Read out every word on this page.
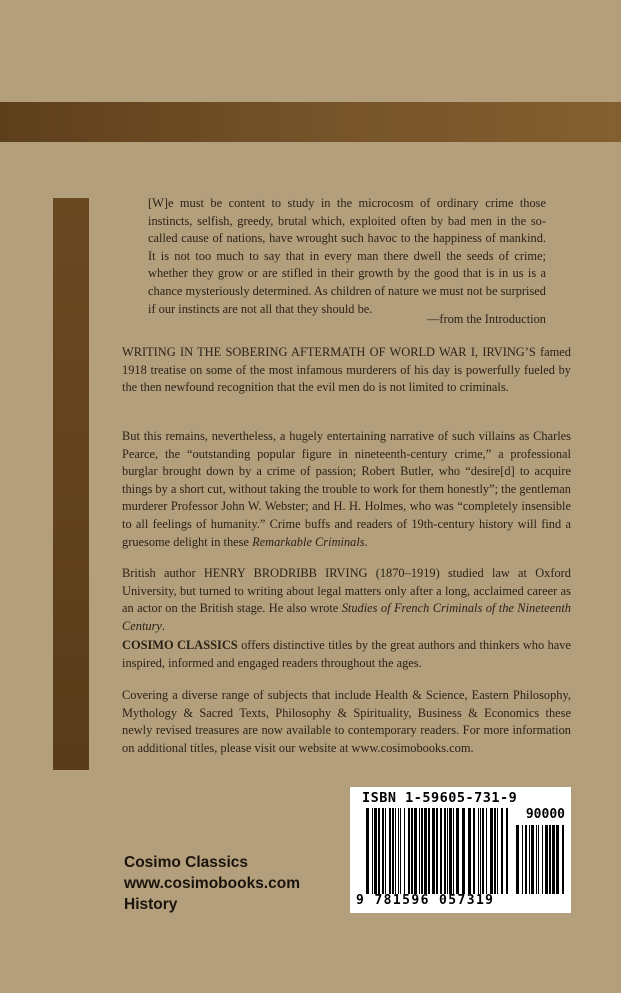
[W]e must be content to study in the microcosm of ordinary crime those instincts, selfish, greedy, brutal which, exploited often by bad men in the so-called cause of nations, have wrought such havoc to the happiness of mankind. It is not too much to say that in every man there dwell the seeds of crime; whether they grow or are stifled in their growth by the good that is in us is a chance mysteriously determined. As children of nature we must not be surprised if our instincts are not all that they should be.
—from the Introduction

WRITING IN THE SOBERING AFTERMATH OF WORLD WAR I, IRVING’S famed 1918 treatise on some of the most infamous murderers of his day is powerfully fueled by the then newfound recognition that the evil men do is not limited to criminals.

But this remains, nevertheless, a hugely entertaining narrative of such villains as Charles Pearce, the “outstanding popular figure in nineteenth-century crime,” a professional burglar brought down by a crime of passion; Robert Butler, who “desire[d] to acquire things by a short cut, without taking the trouble to work for them honestly”; the gentleman murderer Professor John W. Webster; and H. H. Holmes, who was “completely insensible to all feelings of humanity.” Crime buffs and readers of 19th-century history will find a gruesome delight in these Remarkable Criminals.

British author HENRY BRODRIBB IRVING (1870–1919) studied law at Oxford University, but turned to writing about legal matters only after a long, acclaimed career as an actor on the British stage. He also wrote Studies of French Criminals of the Nineteenth Century.

COSIMO CLASSICS offers distinctive titles by the great authors and thinkers who have inspired, informed and engaged readers throughout the ages.

Covering a diverse range of subjects that include Health & Science, Eastern Philosophy, Mythology & Sacred Texts, Philosophy & Spirituality, Business & Economics these newly revised treasures are now available to contemporary readers. For more information on additional titles, please visit our website at www.cosimobooks.com.

Cosimo Classics
www.cosimobooks.com
History
ISBN 1-59605-731-9
90000
9 781596 057319
